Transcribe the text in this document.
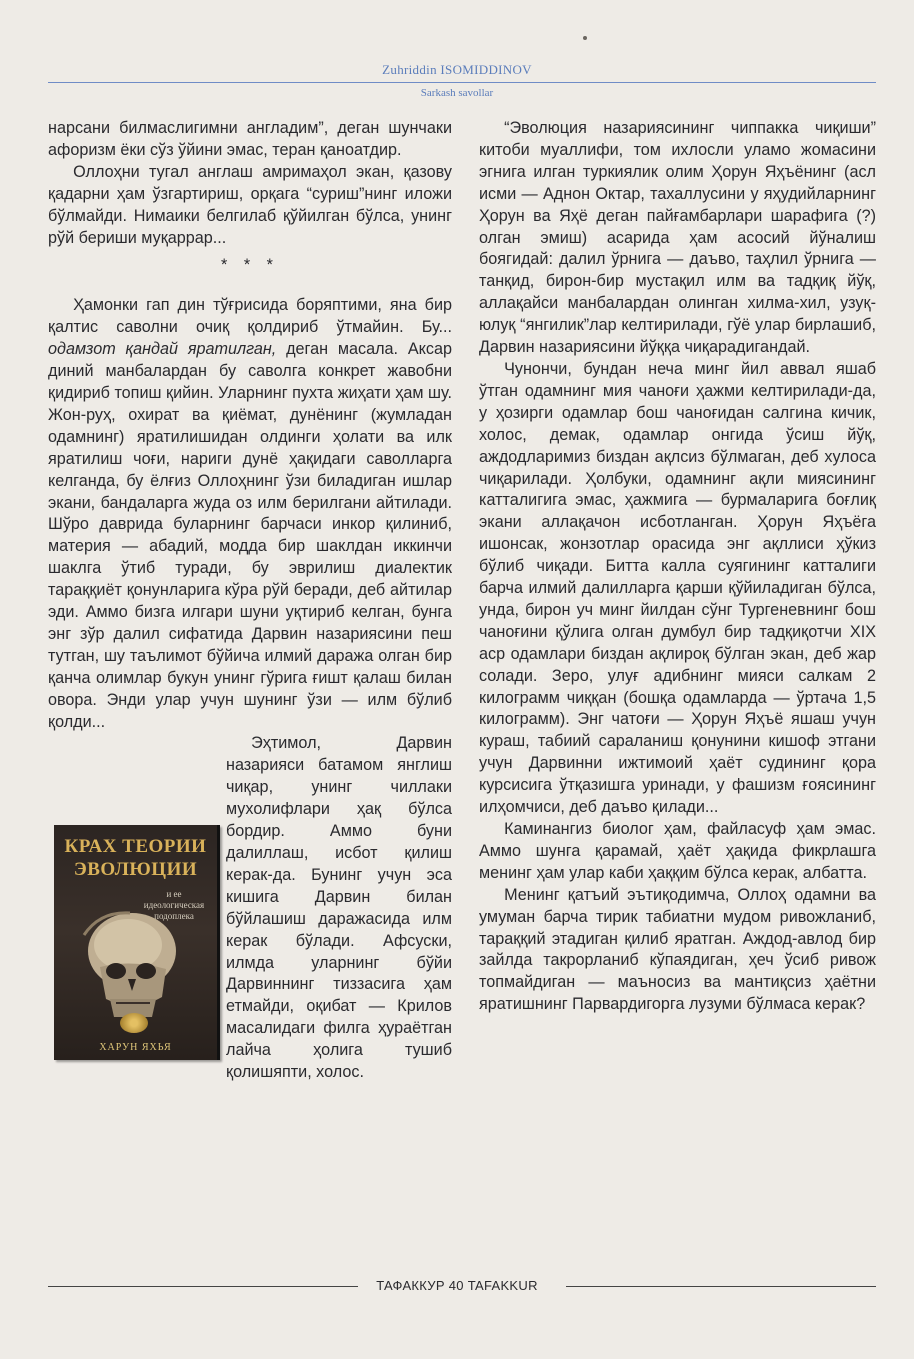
Zuhriddin ISOMIDDINOV
Sarkash savollar

нарсани билмаслигимни англадим”, деган шунчаки афоризм ёки сўз ўйини эмас, теран қаноатдир.

Оллоҳни тугал англаш амримаҳол экан, қазову қадарни ҳам ўзгартириш, орқага “суриш”нинг иложи бўлмайди. Нимаики белгилаб қўйилган бўлса, унинг рўй бериши муқаррар...

* * *

Ҳамонки гап дин тўғрисида боряптими, яна бир қалтис саволни очиқ қолдириб ўтмайин. Бу... одамзот қандай яратилган, деган масала. Аксар диний манбалардан бу саволга конкрет жавобни қидириб топиш қийин. Уларнинг пухта жиҳати ҳам шу. Жон-руҳ, охират ва қиёмат, дунёнинг (жумладан одамнинг) яратилишидан олдинги ҳолати ва илк яратилиш чоғи, нариги дунё ҳақидаги саволларга келганда, бу ёлғиз Оллоҳнинг ўзи биладиган ишлар экани, бандаларга жуда оз илм берилгани айтилади. Шўро даврида буларнинг барчаси инкор қилиниб, материя — абадий, модда бир шаклдан иккинчи шаклга ўтиб туради, бу эврилиш диалектик тараққиёт қонунларига кўра рўй беради, деб айтилар эди. Аммо бизга илгари шуни уқтириб келган, бунга энг зўр далил сифатида Дарвин назариясини пеш тутган, шу таълимот бўйича илмий даража олган бир қанча олимлар букун унинг гўрига ғишт қалаш билан овора. Энди улар учун шунинг ўзи — илм бўлиб қолди...

Эҳтимол, Дарвин назарияси батамом янглиш чиқар, унинг чиллаки мухолифлари ҳақ бўлса бордир. Аммо буни далиллаш, исбот қилиш керак-да. Бунинг учун эса кишига Дарвин билан бўйлашиш даражасида илм керак бўлади. Афсуски, илмда уларнинг бўйи Дарвиннинг тиззасига ҳам етмайди, оқибат — Крилов масалидаги филга ҳураётган лайча ҳолига тушиб қолишяпти, холос.

“Эволюция назариясининг чиппакка чиқиши” китоби муаллифи, том ихлосли уламо жомасини эгнига илган туркиялик олим Ҳорун Яҳъёнинг (асл исми — Аднон Октар, тахаллусини у яҳудийларнинг Ҳорун ва Яҳё деган пайғамбарлари шарафига (?) олган эмиш) асарида ҳам асосий йўналиш боягидай: далил ўрнига — даъво, таҳлил ўрнига — танқид, бирон-бир мустақил илм ва тадқиқ йўқ, аллақайси манбалардан олинган хилма-хил, узуқ-юлуқ “янгилик”лар келтирилади, гўё улар бирлашиб, Дарвин назариясини йўққа чиқарадигандай.

Чунончи, бундан неча минг йил аввал яшаб ўтган одамнинг мия чаноғи ҳажми келтирилади-да, у ҳозирги одамлар бош чаноғидан салгина кичик, холос, демак, одамлар онгида ўсиш йўқ, аждодларимиз биздан ақлсиз бўлмаган, деб хулоса чиқарилади. Ҳолбуки, одамнинг ақли миясининг катталигига эмас, ҳажмига — бурмаларига боғлиқ экани аллақачон исботланган. Ҳорун Яҳъёга ишонсак, жонзотлар орасида энг ақллиси ҳўкиз бўлиб чиқади. Битта калла суягининг катталиги барча илмий далилларга қарши қўйиладиган бўлса, унда, бирон уч минг йилдан сўнг Тургеневнинг бош чаноғини қўлига олган думбул бир тадқиқотчи XIX аср одамлари биздан ақлироқ бўлган экан, деб жар солади. Зеро, улуғ адибнинг мияси салкам 2 килограмм чиққан (бошқа одамларда — ўртача 1,5 килограмм). Энг чатоғи — Ҳорун Яҳъё яшаш учун кураш, табиий сараланиш қонунини кишоф этгани учун Дарвинни ижтимоий ҳаёт судининг қора курсисига ўтқазишга уринади, у фашизм ғоясининг илҳомчиси, деб даъво қилади...

Каминангиз биолог ҳам, файласуф ҳам эмас. Аммо шунга қарамай, ҳаёт ҳақида фикрлашга менинг ҳам улар каби ҳаққим бўлса керак, албатта.

Менинг қатъий эътиқодимча, Оллоҳ одамни ва умуман барча тирик табиатни мудом ривожланиб, тараққий этадиган қилиб яратган. Аждод-авлод бир зайлда такрорланиб кўпаядиган, ҳеч ўсиб ривож топмайдиган — маъносиз ва мантиқсиз ҳаётни яратишнинг Парвардигорга лузуми бўлмаса керак?

КРАХ ТЕОРИИ
ЭВОЛЮЦИИ
и ее идеологическая подоплека
ХАРУН ЯХЬЯ
ТАФАККУР 40 TAFAKKUR
